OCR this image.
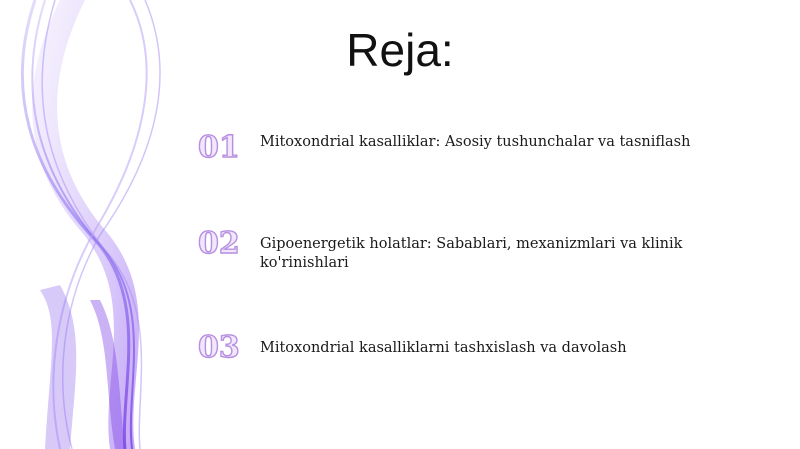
Reja:
01	Mitoxondrial kasalliklar: Asosiy tushunchalar va tasniflash
02	Gipoenergetik holatlar: Sabablari, mexanizmlari va klinik ko'rinishlari
03	Mitoxondrial kasalliklarni tashxislash va davolash
